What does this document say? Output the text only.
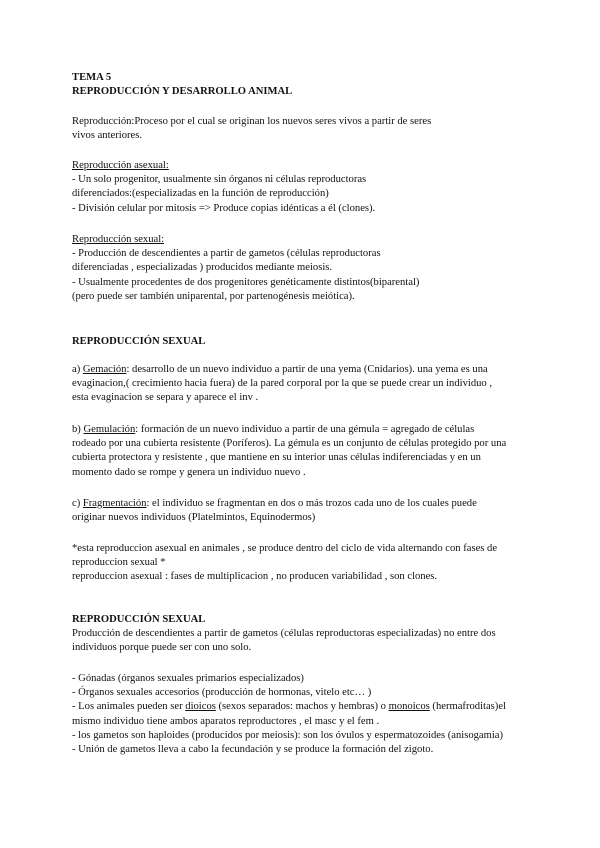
TEMA 5
REPRODUCCIÓN Y DESARROLLO ANIMAL
Reproducción:Proceso por el cual se originan los nuevos seres vivos a partir de seres
vivos anteriores.
Reproducción asexual:
- Un solo progenitor, usualmente sin órganos ni células reproductoras
diferenciados:(especializadas en la función de reproducción)
- División celular por mitosis => Produce copias idénticas a él (clones).
Reproducción sexual:
- Producción de descendientes a partir de gametos (células reproductoras
diferenciadas , especializadas ) producidos mediante meiosis.
- Usualmente procedentes de dos progenitores genéticamente distintos(biparental)
(pero puede ser también uniparental, por partenogénesis meiótica).
REPRODUCCIÓN SEXUAL
a) Gemación: desarrollo de un nuevo individuo a partir de una yema (Cnidarios). una yema es una
evaginacion,( crecimiento hacia fuera) de la pared corporal por la que se puede crear un individuo ,
esta evaginacion se separa y aparece el inv .
b) Gemulación: formación de un nuevo individuo a partir de una gémula = agregado de células
rodeado por una cubierta resistente (Poríferos). La gémula es un conjunto de células protegido por una
cubierta protectora y resistente , que mantiene en su interior unas células indiferenciadas y en un
momento dado se rompe y genera un individuo nuevo .
c) Fragmentación: el individuo se fragmentan en dos o más trozos cada uno de los cuales puede
originar nuevos individuos (Platelmintos, Equinodermos)
*esta reproduccion asexual en animales , se produce dentro del ciclo de vida alternando con fases de
reproduccion sexual *
reproduccion asexual : fases de multiplicacion , no producen variabilidad , son clones.
REPRODUCCIÓN SEXUAL
Producción de descendientes a partir de gametos (células reproductoras especializadas) no entre dos
individuos porque puede ser con uno solo.
- Gónadas (órganos sexuales primarios especializados)
- Órganos sexuales accesorios (producción de hormonas, vitelo etc… )
- Los animales pueden ser dioicos (sexos separados: machos y hembras) o monoicos (hermafroditas)el
mismo individuo tiene ambos aparatos reproductores , el masc y el fem .
- los gametos son haploides (producidos por meiosis): son los óvulos y espermatozoides (anisogamia)
- Unión de gametos lleva a cabo la fecundación y se produce la formación del zigoto.
